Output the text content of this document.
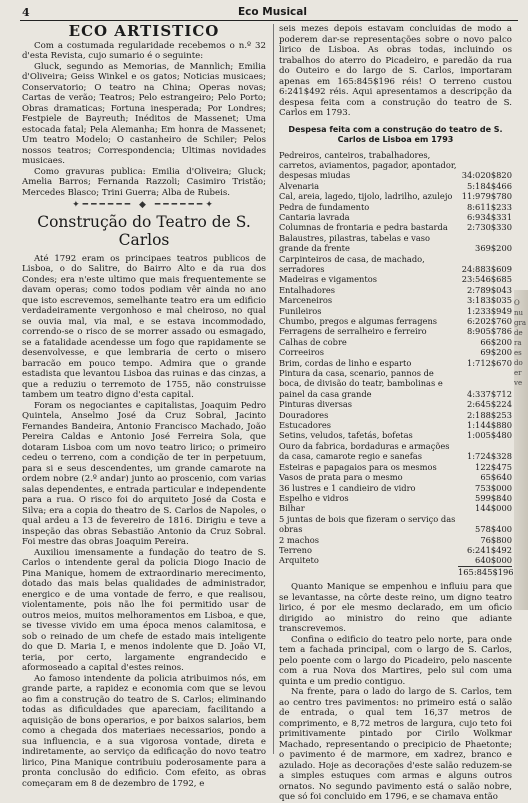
4	Eco Musical
ECO ARTISTICO

Com a costumada regularidade recebemos o n.º 32 d'esta Revista, cujo sumario é o seguinte:

Gluck, segundo as Memorias, de Mannlich; Emilia d'Oliveira; Geiss Winkel e os gatos; Noticias musicaes; Conservatorio; O teatro na China; Operas novas; Cartas de verão; Teatros; Pelo estrangeiro; Pelo Porto; Obras dramaticas; Fortuna inesperada; Por Londres; Festpiele de Bayreuth; Inéditos de Massenet; Uma estocada fatal; Pela Alemanha; Em honra de Massenet; Um teatro Modelo; O castanheiro de Schiler; Pelos nossos teatros; Correspondencia; Ultimas novidades musicaes.

Como gravuras publica: Emilia d'Oliveira; Gluck; Amelia Barros; Fernanda Razzoli; Casimiro Tristão; Mercedes Blasco; Trini Guerra; Alba de Rubeis.

✦━━━━━━ ◆ ━━━━━━✦
Construção do Teatro de S. Carlos

Até 1792 eram os principaes teatros publicos de Lisboa, o do Salitre, do Bairro Alto e da rua dos Condes; era n'este ultimo que mais frequentemente se davam operas; como todos podiam vêr ainda no ano que isto escrevemos, semelhante teatro era um edificio verdadeiramente vergonhoso e mal cheiroso, no qual se ouvia mal, via mal, e se estava incommodado, correndo-se o risco de se morrer assado ou esmagado, se a fatalidade acendesse um fogo que rapidamente se desenvolvesse, e que lembraria de certo o misero barracão em pouco tempo. Admira que o grande estadista que levantou Lisboa das ruinas e das cinzas, a que a reduziu o terremoto de 1755, não construisse tambem um teatro digno d'esta capital.

Foram os negociantes e capitalistas, Joaquim Pedro Quintela, Anselmo José da Cruz Sobral, Jacinto Fernandes Bandeira, Antonio Francisco Machado, João Pereira Caldas e Antonio José Ferreira Sola, que dotaram Lisboa com um novo teatro lirico; o primeiro cedeu o terreno, com a condição de ter in perpetuum, para si e seus descendentes, um grande camarote na ordem nobre (2.º andar) junto ao proscenio, com varias salas dependentes, e entrada particular e independente para a rua. O risco foi do arquiteto José da Costa e Silva; era a copia do theatro de S. Carlos de Napoles, o qual ardeu a 13 de fevereiro de 1816. Dirigiu e teve a inspeção das obras Sebastião Antonio da Cruz Sobral. Foi mestre das obras Joaquim Pereira.

Auxiliou imensamente a fundação do teatro de S. Carlos o intendente geral da policia Diogo Inacio de Pina Manique, homem de extraordinario merecimento, dotado das mais belas qualidades de administrador, energico e de uma vontade de ferro, e que realisou, violentamente, pois não lhe foi permitido usar de outros meios, muitos melhoramentos em Lisboa, e que, se tivesse vivido em uma época menos calamitosa, e sob o reinado de um chefe de estado mais inteligente do que D. Maria I, e menos indolente que D. João VI, teria, por certo, largamente engrandecido e aformoseado a capital d'estes reinos.

Ao famoso intendente da policia atribuimos nós, em grande parte, a rapidez e economia com que se levou ao fim a construção do teatro de S. Carlos; eliminando todas as dificuldades que apareciam, facilitando a aquisição de bons operarios, e por baixos salarios, bem como a chegada dos materiaes necessarios, pondo a sua influencia, e a sua vigorosa vontade, direta e indiretamente, ao serviço da edificação do novo teatro lirico, Pina Manique contribuiu poderosamente para a pronta conclusão do edificio. Com efeito, as obras começaram em 8 de dezembro de 1792, e

seis mezes depois estavam concluidas de modo a poderem dar-se representações sobre o novo palco lirico de Lisboa. As obras todas, incluindo os trabalhos do aterro do Picadeiro, e paredão da rua do Outeiro e do largo de S. Carlos, importaram apenas em 165:845$196 réis! O terreno custou 6:241$492 réis. Aqui apresentamos a descripção da despesa feita com a construção do teatro de S. Carlos em 1793.

Despesa feita com a construção do teatro de S. Carlos de Lisboa em 1793
Pedreiros, canteiros, trabalhadores, carretos, aviamentos, pagador, apontador, despesas miudas	34:020$820
Alvenaria	5:184$466
Cal, areia, lagedo, tijolo, ladrilho, azulejo	11:979$780
Pedra de fundamento	8:611$233
Cantaria lavrada	6:934$331
Columnas de frontaria e pedra bastarda	2:730$330
Balaustres, pilastras, tabelas e vaso grande da frente	369$200
Carpinteiros de casa, de machado, serradores	24:883$609
Madeiras e vigamentos	23:546$685
Entalhadores	2:789$043
Marceneiros	3:183$035
Funileiros	1:233$949
Chumbo, pregos e algumas ferragens	6:202$760
Ferragens de serralheiro e ferreiro	8:905$786
Calhas de cobre	66$200
Correeiros	69$200
Brim, cordas de linho e esparto	1:712$670
Pintura da casa, scenario, pannos de boca, de divisão do teatr, bambolinas e painel da casa grande	4:337$712
Pinturas diversas	2:645$224
Douradores	2:188$253
Estucadores	1:144$880
Setins, veludos, tafetás, bofetas	1:005$480
Ouro da fabrica, bordaduras e armações da casa, camarote regio e sanefas	1:724$328
Esteiras e papagaios para os mesmos	122$475
Vasos de prata para o mesmo	65$640
36 lustres e 1 candieiro de vidro	753$000
Espelho e vidros	599$840
Bilhar	144$000
5 juntas de bois que fizeram o serviço das obras	578$400
2 machos	76$800
Terreno	6:241$492
Arquiteto	640$000
165:845$196

Quanto Manique se empenhou e influiu para que se levantasse, na côrte deste reino, um digno teatro lirico, é por ele mesmo declarado, em um oficio dirigido ao ministro do reino que adiante transcrevemos.

Confina o edificio do teatro pelo norte, para onde tem a fachada principal, com o largo de S. Carlos, pelo poente com o largo do Picadeiro, pelo nascente com a rua Nova dos Martires, pelo sul com uma quinta e um predio contiguo.

Na frente, para o lado do largo de S. Carlos, tem ao centro tres pavimentos: no primeiro está o salão de entrada, o qual tem 16,37 metros de comprimento, e 8,72 metros de largura, cujo teto foi primitivamente pintado por Cirilo Wolkmar Machado, representando o precipicio de Phaetonte; o pavimento é de marmore, em xadrez, branco e azulado. Hoje as decorações d'este salão reduzem-se a simples estuques com armas e alguns outros ornatos. No segundo pavimento está o salão nobre, que só foi concluido em 1796, e se chamava então

O nu gra de ra es do er ve
